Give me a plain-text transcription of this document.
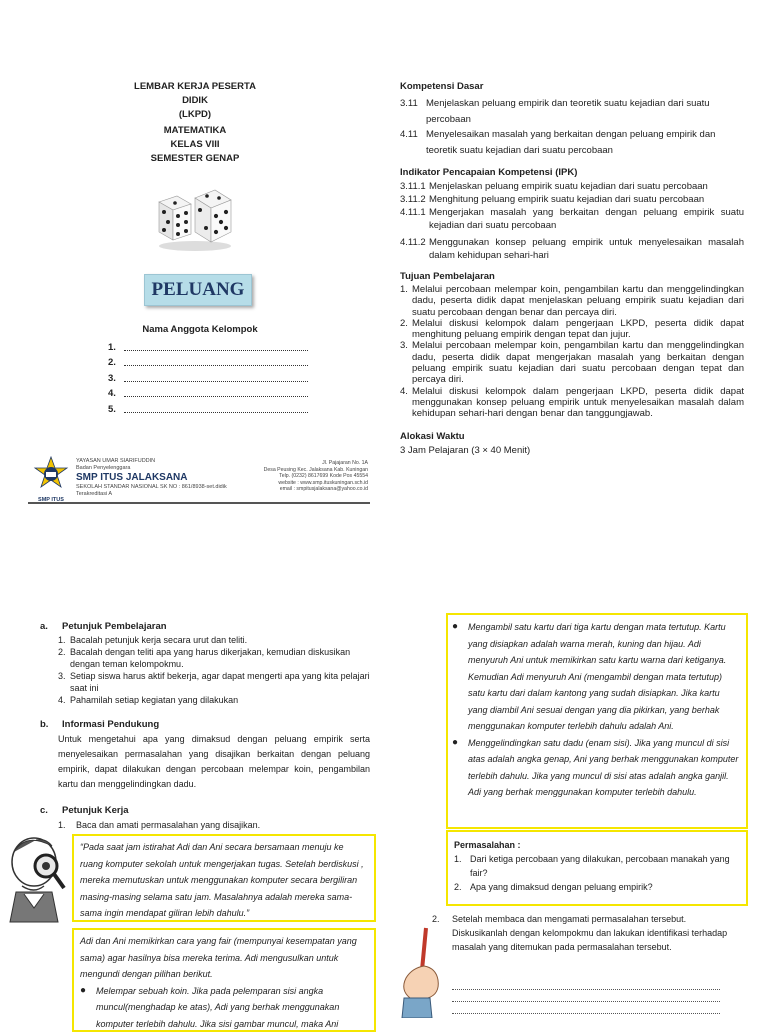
LEMBAR KERJA PESERTA DIDIK
(LKPD)
MATEMATIKA
KELAS VIII
SEMESTER GENAP
PELUANG
Nama Anggota Kelompok
1.
2.
3.
4.
5.
SMP ITUS
YAYASAN UMAR SIARIFUDDIN
Badan Penyelenggara
SMP ITUS JALAKSANA
SEKOLAH STANDAR NASIONAL SK NO : 861/8938-set.didik
Terakreditasi A
Jl. Pajajaran No. 1A
Desa Peusing Kec. Jalaksana Kab. Kuningan
Telp. (0232) 8617699 Kode Pos 45554
website : www.smp.ituskuningan.sch.id
email : smpitusjalaksana@yahoo.co.id
Kompetensi Dasar
3.11 Menjelaskan peluang empirik dan teoretik suatu kejadian dari suatu percobaan
4.11 Menyelesaikan masalah yang berkaitan dengan peluang empirik dan teoretik suatu kejadian dari suatu percobaan
Indikator Pencapaian Kompetensi (IPK)
3.11.1 Menjelaskan peluang empirik suatu kejadian dari suatu percobaan
3.11.2 Menghitung peluang empirik suatu kejadian dari suatu percobaan
4.11.1 Mengerjakan masalah yang berkaitan dengan peluang empirik suatu kejadian dari suatu percobaan
4.11.2 Menggunakan konsep peluang empirik untuk menyelesaikan masalah dalam kehidupan sehari-hari
Tujuan Pembelajaran
1. Melalui percobaan melempar koin, pengambilan kartu dan menggelindingkan dadu, peserta didik dapat menjelaskan peluang empirik suatu kejadian dari suatu percobaan dengan benar dan percaya diri.
2. Melalui diskusi kelompok dalam pengerjaan LKPD, peserta didik dapat menghitung peluang empirik dengan tepat dan jujur.
3. Melalui percobaan melempar koin, pengambilan kartu dan menggelindingkan dadu, peserta didik dapat mengerjakan masalah yang berkaitan dengan peluang empirik suatu kejadian dari suatu percobaan dengan tepat dan percaya diri.
4. Melalui diskusi kelompok dalam pengerjaan LKPD, peserta didik dapat menggunakan konsep peluang empirik untuk menyelesaikan masalah dalam kehidupan sehari-hari dengan benar dan tanggungjawab.
Alokasi Waktu
3 Jam Pelajaran (3 × 40 Menit)
a.	Petunjuk Pembelajaran
1. Bacalah petunjuk kerja secara urut dan teliti.
2. Bacalah dengan teliti apa yang harus dikerjakan, kemudian diskusikan dengan teman kelompokmu.
3. Setiap siswa harus aktif bekerja, agar dapat mengerti apa yang kita pelajari saat ini
4. Pahamilah setiap kegiatan yang dilakukan
b.	Informasi Pendukung
Untuk mengetahui apa yang dimaksud dengan peluang empirik serta menyelesaikan permasalahan yang disajikan berkaitan dengan peluang empirik, dapat dilakukan dengan percobaan melempar koin, pengambilan kartu dan menggelindingkan dadu.
c.	Petunjuk Kerja
1.	Baca dan amati permasalahan yang disajikan.
“Pada saat jam istirahat Adi dan Ani secara bersamaan menuju ke ruang komputer sekolah untuk mengerjakan tugas. Setelah berdiskusi , mereka memutuskan untuk menggunakan komputer secara bergiliran masing-masing selama satu jam. Masalahnya adalah mereka sama-sama ingin mendapat giliran lebih dahulu.”
Adi dan Ani memikirkan cara yang fair (mempunyai kesempatan yang sama) agar hasilnya bisa mereka terima. Adi mengusulkan untuk mengundi dengan pilihan berikut.
●	Melempar sebuah koin. Jika pada pelemparan sisi angka muncul(menghadap ke atas), Adi yang berhak menggunakan komputer terlebih dahulu. Jika sisi gambar muncul, maka Ani
●	Mengambil satu kartu dari tiga kartu dengan mata tertutup. Kartu yang disiapkan adalah warna merah, kuning dan hijau. Adi menyuruh Ani untuk memikirkan satu kartu warna dari ketiganya. Kemudian Adi menyuruh Ani (mengambil dengan mata tertutup) satu kartu dari dalam kantong yang sudah disiapkan. Jika kartu yang diambil Ani sesuai dengan yang dia pikirkan, yang berhak menggunakan komputer terlebih dahulu adalah Ani.
●	Menggelindingkan satu dadu (enam sisi). Jika yang muncul di sisi atas adalah angka genap, Ani yang berhak menggunakan komputer terlebih dahulu. Jika yang muncul di sisi atas adalah angka ganjil. Adi yang berhak menggunakan komputer terlebih dahulu.
Permasalahan :
1. Dari ketiga percobaan yang dilakukan, percobaan manakah yang fair?
2. Apa yang dimaksud dengan peluang empirik?
2.	Setelah membaca dan mengamati permasalahan tersebut. Diskusikanlah dengan kelompokmu dan lakukan identifikasi terhadap masalah yang ditemukan pada permasalahan tersebut.
